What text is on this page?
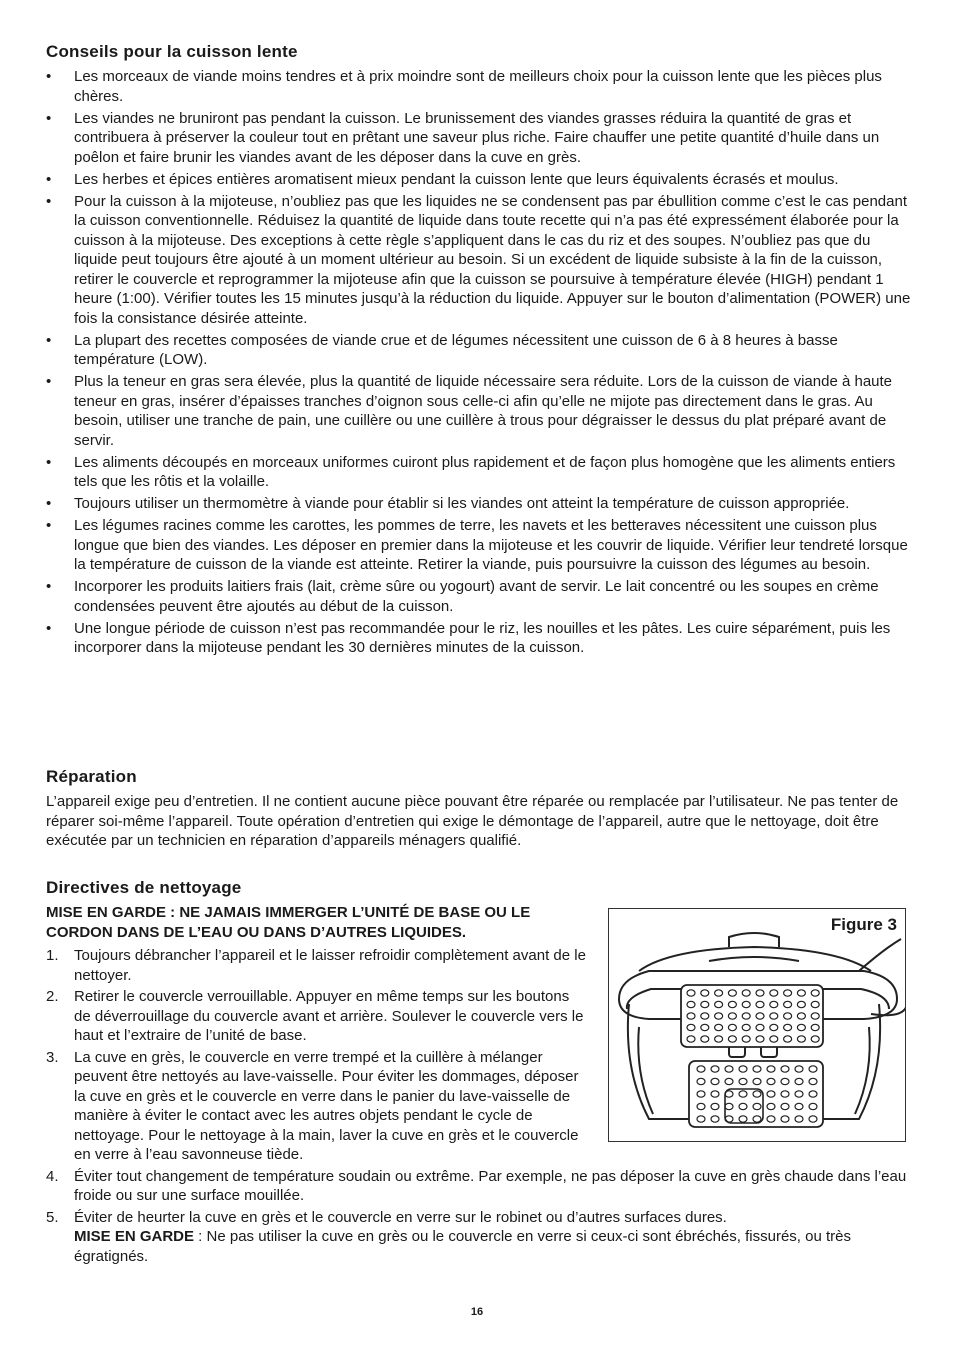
Conseils pour la cuisson lente
• Les morceaux de viande moins tendres et à prix moindre sont de meilleurs choix pour la cuisson lente que les pièces plus chères.
• Les viandes ne bruniront pas pendant la cuisson. Le brunissement des viandes grasses réduira la quantité de gras et contribuera à préserver la couleur tout en prêtant une saveur plus riche. Faire chauffer une petite quantité d’huile dans un poêlon et faire brunir les viandes avant de les déposer dans la cuve en grès.
• Les herbes et épices entières aromatisent mieux pendant la cuisson lente que leurs équivalents écrasés et moulus.
• Pour la cuisson à la mijoteuse, n’oubliez pas que les liquides ne se condensent pas par ébullition comme c’est le cas pendant la cuisson conventionnelle. Réduisez la quantité de liquide dans toute recette qui n’a pas été expressément élaborée pour la cuisson à la mijoteuse. Des exceptions à cette règle s’appliquent dans le cas du riz et des soupes. N’oubliez pas que du liquide peut toujours être ajouté à un moment ultérieur au besoin. Si un excédent de liquide subsiste à la fin de la cuisson, retirer le couvercle et reprogrammer la mijoteuse afin que la cuisson se poursuive à température élevée (HIGH) pendant 1 heure (1:00). Vérifier toutes les 15 minutes jusqu’à la réduction du liquide. Appuyer sur le bouton d’alimentation (POWER) une fois la consistance désirée atteinte.
• La plupart des recettes composées de viande crue et de légumes nécessitent une cuisson de 6 à 8 heures à basse température (LOW).
• Plus la teneur en gras sera élevée, plus la quantité de liquide nécessaire sera réduite. Lors de la cuisson de viande à haute teneur en gras, insérer d’épaisses tranches d’oignon sous celle-ci afin qu’elle ne mijote pas directement dans le gras. Au besoin, utiliser une tranche de pain, une cuillère ou une cuillère à trous pour dégraisser le dessus du plat préparé avant de servir.
• Les aliments découpés en morceaux uniformes cuiront plus rapidement et de façon plus homogène que les aliments entiers tels que les rôtis et la volaille.
• Toujours utiliser un thermomètre à viande pour établir si les viandes ont atteint la température de cuisson appropriée.
• Les légumes racines comme les carottes, les pommes de terre, les navets et les betteraves nécessitent une cuisson plus longue que bien des viandes. Les déposer en premier dans la mijoteuse et les couvrir de liquide. Vérifier leur tendreté lorsque la température de cuisson de la viande est atteinte. Retirer la viande, puis poursuivre la cuisson des légumes au besoin.
• Incorporer les produits laitiers frais (lait, crème sûre ou yogourt) avant de servir. Le lait concentré ou les soupes en crème condensées peuvent être ajoutés au début de la cuisson.
• Une longue période de cuisson n’est pas recommandée pour le riz, les nouilles et les pâtes. Les cuire séparément, puis les incorporer dans la mijoteuse pendant les 30 dernières minutes de la cuisson.
Réparation
L’appareil exige peu d’entretien. Il ne contient aucune pièce pouvant être réparée ou remplacée par l’utilisateur. Ne pas tenter de réparer soi-même l’appareil. Toute opération d’entretien qui exige le démontage de l’appareil, autre que le nettoyage, doit être exécutée par un technicien en réparation d’appareils ménagers qualifié.
Directives de nettoyage
MISE EN GARDE : NE JAMAIS IMMERGER L’UNITÉ DE BASE OU LE CORDON DANS DE L’EAU OU DANS D’AUTRES LIQUIDES.
1. Toujours débrancher l’appareil et le laisser refroidir complètement avant de le nettoyer.
2. Retirer le couvercle verrouillable. Appuyer en même temps sur les boutons de déverrouillage du couvercle avant et arrière. Soulever le couvercle vers le haut et l’extraire de l’unité de base.
3. La cuve en grès, le couvercle en verre trempé et la cuillère à mélanger peuvent être nettoyés au lave-vaisselle. Pour éviter les dommages, déposer la cuve en grès et le couvercle en verre dans le panier du lave-vaisselle de manière à éviter le contact avec les autres objets pendant le cycle de nettoyage. Pour le nettoyage à la main, laver la cuve en grès et le couvercle en verre à l’eau savonneuse tiède.
4. Éviter tout changement de température soudain ou extrême. Par exemple, ne pas déposer la cuve en grès chaude dans l’eau froide ou sur une surface mouillée.
5. Éviter de heurter la cuve en grès et le couvercle en verre sur le robinet ou d’autres surfaces dures.
MISE EN GARDE : Ne pas utiliser la cuve en grès ou le couvercle en verre si ceux-ci sont ébréchés, fissurés, ou très égratignés.
Figure 3
16
